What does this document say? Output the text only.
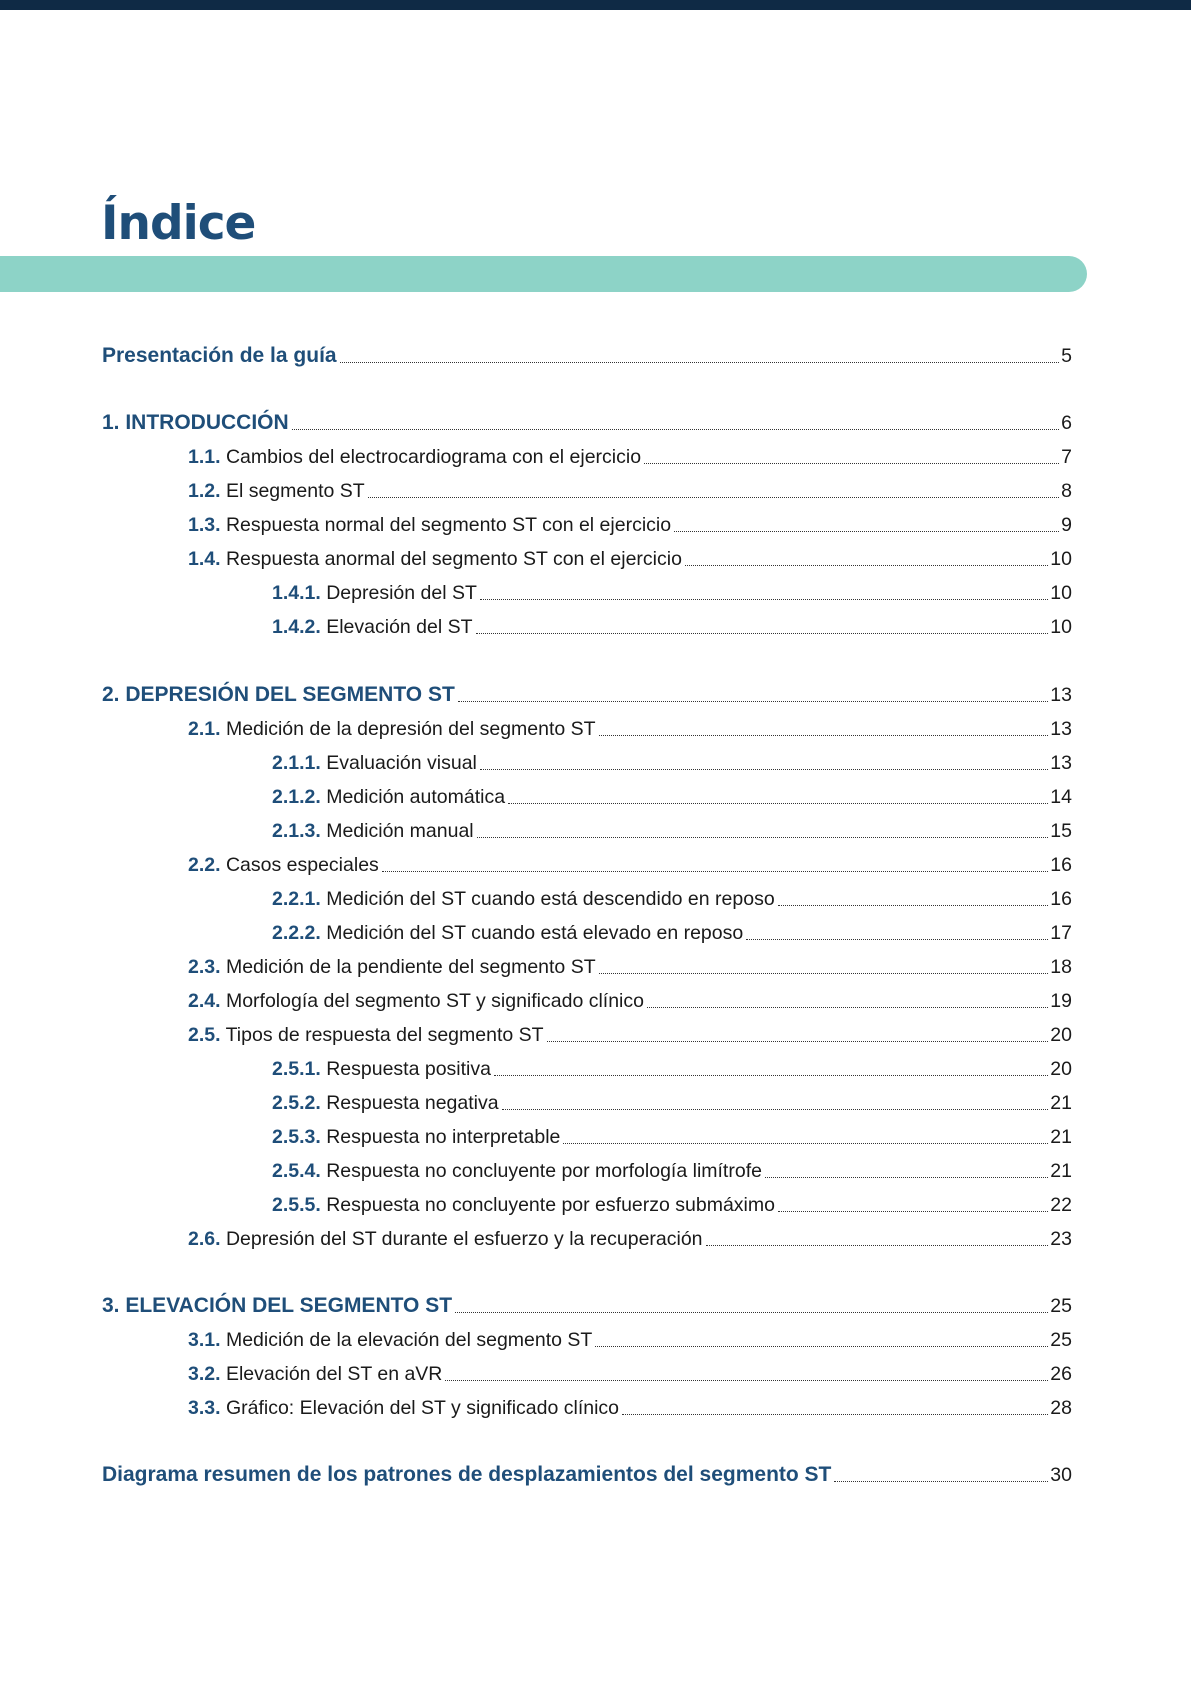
Índice
Presentación de la guía	5
1. INTRODUCCIÓN	6
1.1. Cambios del electrocardiograma con el ejercicio	7
1.2. El segmento ST	8
1.3. Respuesta normal del segmento ST con el ejercicio	9
1.4. Respuesta anormal del segmento ST con el ejercicio	10
1.4.1. Depresión del ST	10
1.4.2. Elevación del ST	10
2. DEPRESIÓN DEL SEGMENTO ST	13
2.1. Medición de la depresión del segmento ST	13
2.1.1. Evaluación visual	13
2.1.2. Medición automática	14
2.1.3. Medición manual	15
2.2. Casos especiales	16
2.2.1. Medición del ST cuando está descendido en reposo	16
2.2.2. Medición del ST cuando está elevado en reposo	17
2.3. Medición de la pendiente del segmento ST	18
2.4. Morfología del segmento ST y significado clínico	19
2.5. Tipos de respuesta del segmento ST	20
2.5.1. Respuesta positiva	20
2.5.2. Respuesta negativa	21
2.5.3. Respuesta no interpretable	21
2.5.4. Respuesta no concluyente por morfología limítrofe	21
2.5.5. Respuesta no concluyente por esfuerzo submáximo	22
2.6. Depresión del ST durante el esfuerzo y la recuperación	23
3. ELEVACIÓN DEL SEGMENTO ST	25
3.1. Medición de la elevación del segmento ST	25
3.2. Elevación del ST en aVR	26
3.3. Gráfico: Elevación del ST y significado clínico	28
Diagrama resumen de los patrones de desplazamientos del segmento ST	30
